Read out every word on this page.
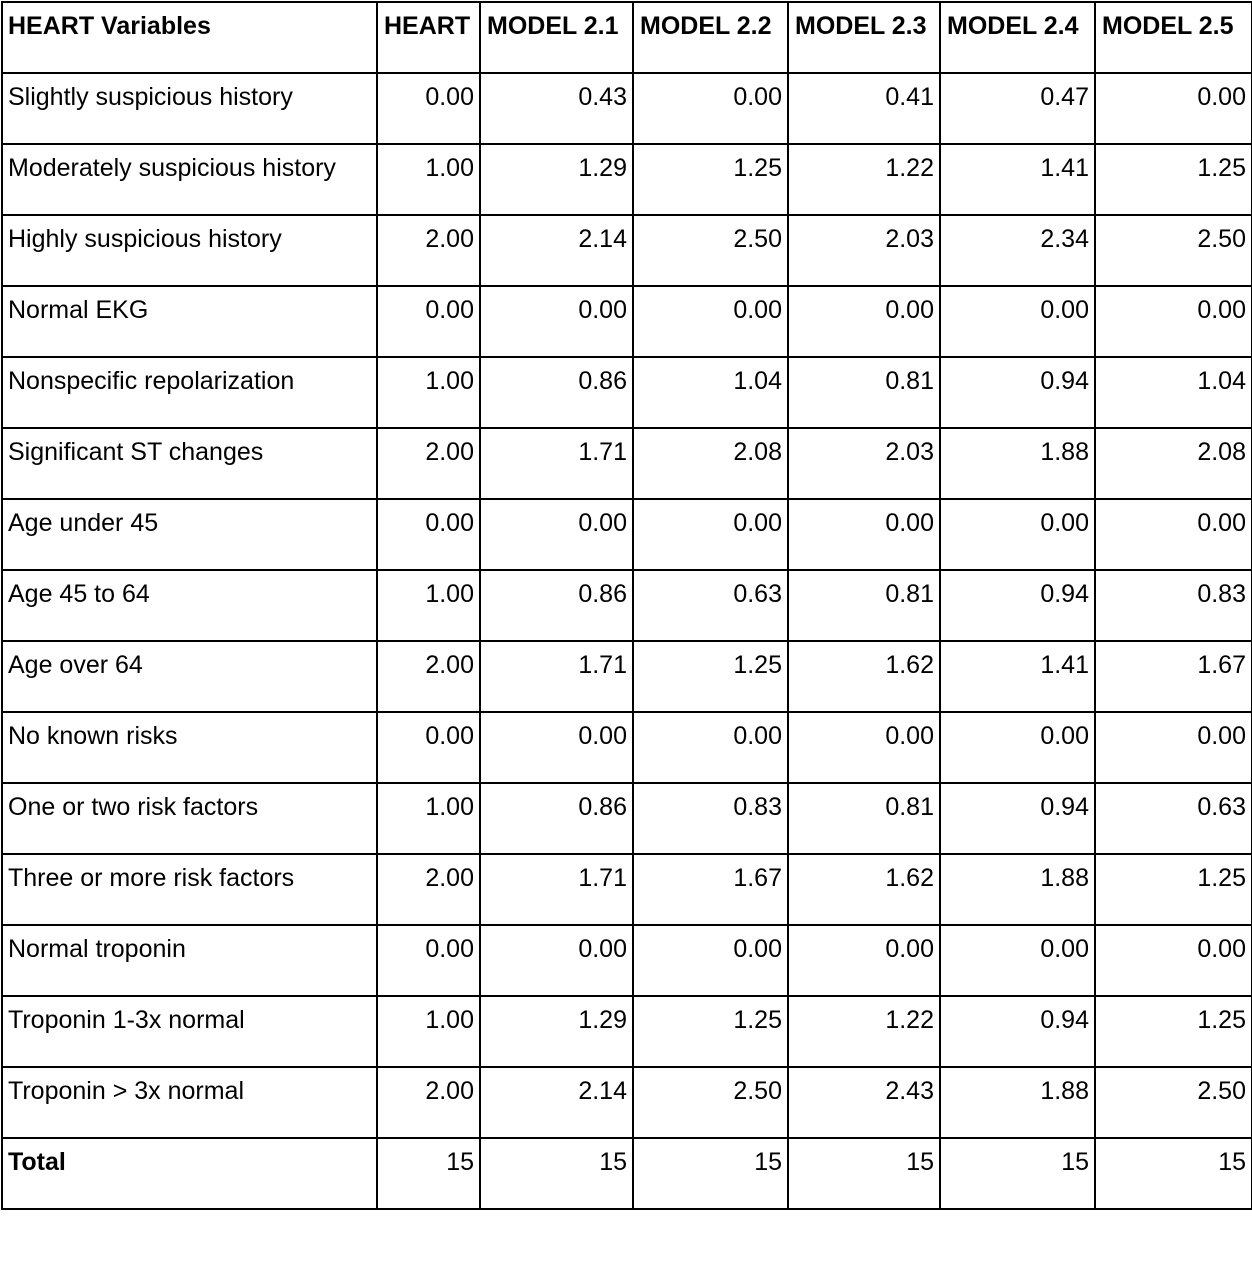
HEART Variables	HEART	MODEL 2.1	MODEL 2.2	MODEL 2.3	MODEL 2.4	MODEL 2.5
Slightly suspicious history	0.00	0.43	0.00	0.41	0.47	0.00
Moderately suspicious history	1.00	1.29	1.25	1.22	1.41	1.25
Highly suspicious history	2.00	2.14	2.50	2.03	2.34	2.50
Normal EKG	0.00	0.00	0.00	0.00	0.00	0.00
Nonspecific repolarization	1.00	0.86	1.04	0.81	0.94	1.04
Significant ST changes	2.00	1.71	2.08	2.03	1.88	2.08
Age under 45	0.00	0.00	0.00	0.00	0.00	0.00
Age 45 to 64	1.00	0.86	0.63	0.81	0.94	0.83
Age over 64	2.00	1.71	1.25	1.62	1.41	1.67
No known risks	0.00	0.00	0.00	0.00	0.00	0.00
One or two risk factors	1.00	0.86	0.83	0.81	0.94	0.63
Three or more risk factors	2.00	1.71	1.67	1.62	1.88	1.25
Normal troponin	0.00	0.00	0.00	0.00	0.00	0.00
Troponin 1-3x normal	1.00	1.29	1.25	1.22	0.94	1.25
Troponin > 3x normal	2.00	2.14	2.50	2.43	1.88	2.50
Total	15	15	15	15	15	15
